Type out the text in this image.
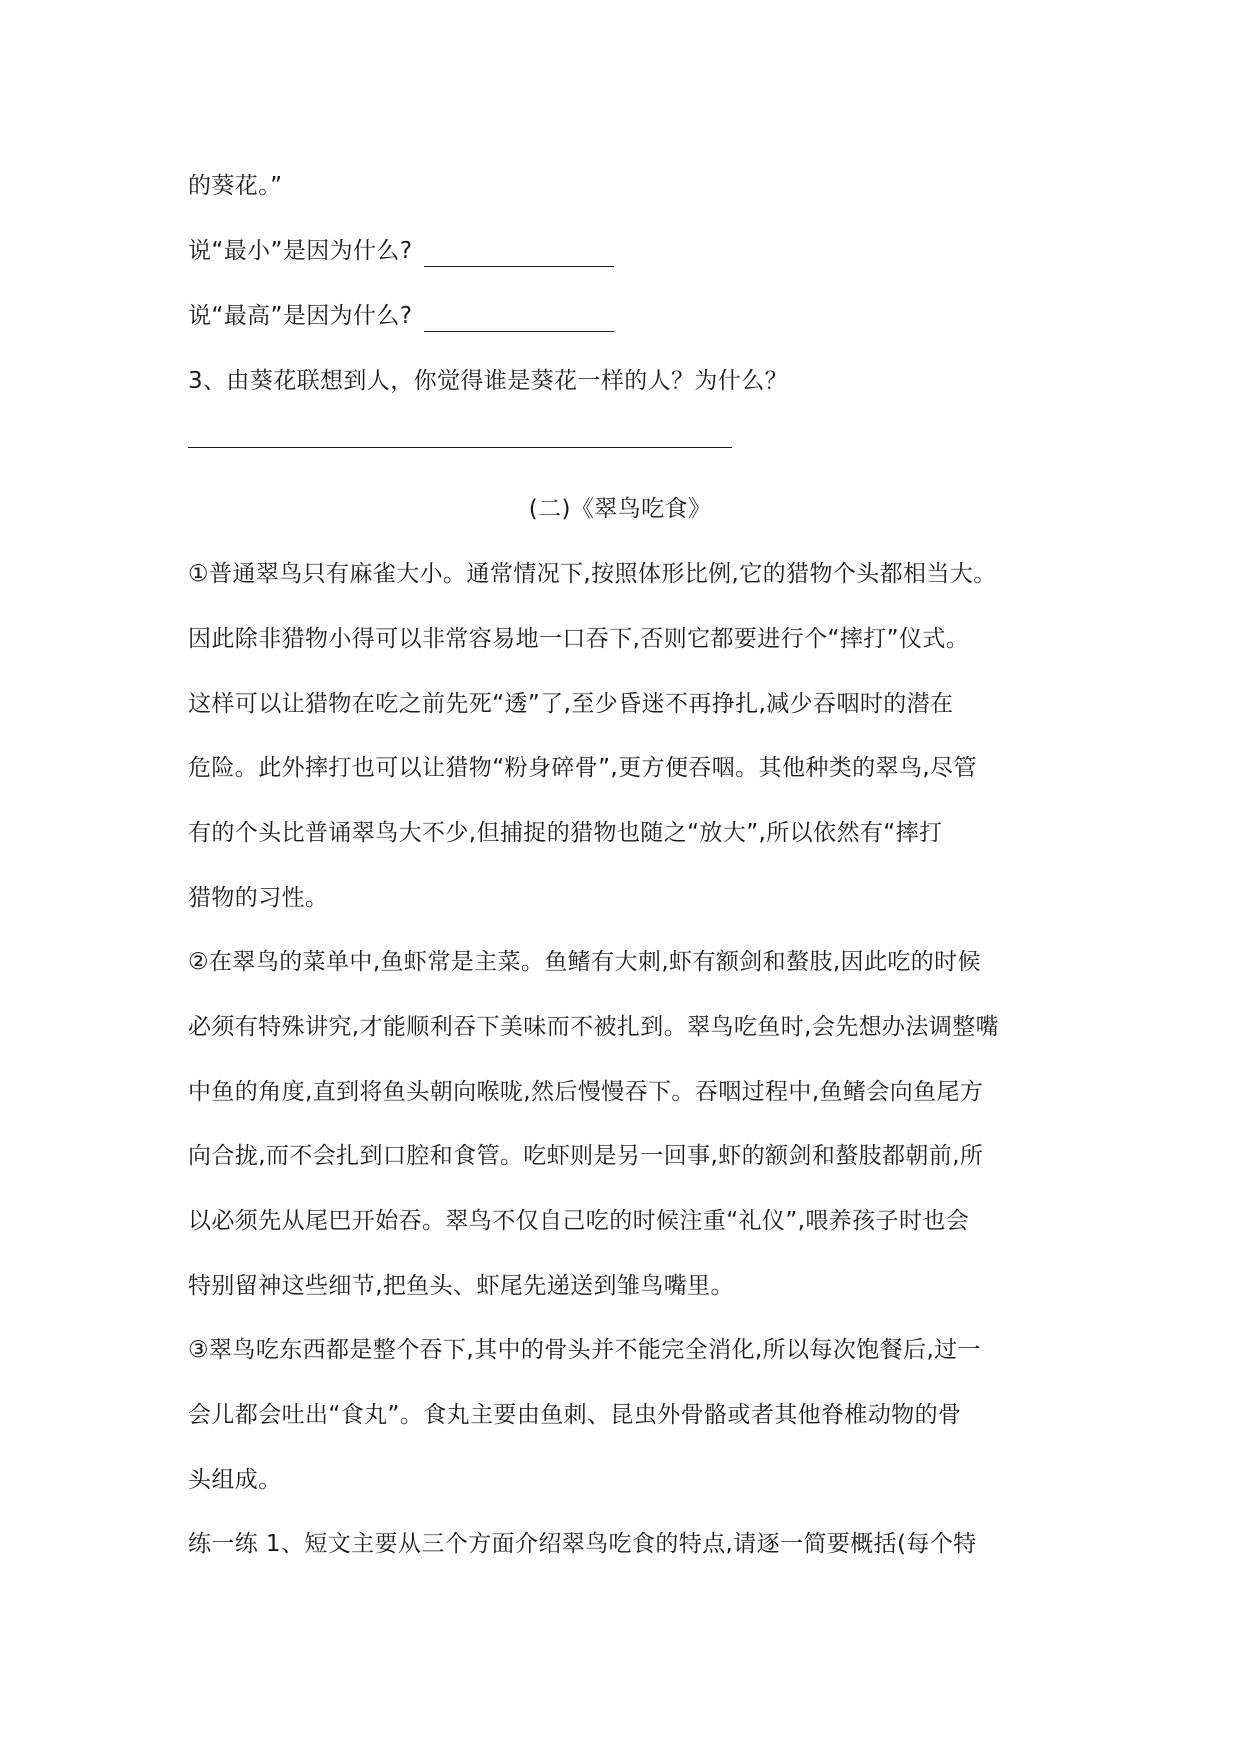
的葵花。”
说“最小”是因为什么?
说“最高”是因为什么?
3、由葵花联想到人，你觉得谁是葵花一样的人？为什么？
(二)《翠鸟吃食》
①普通翠鸟只有麻雀大小。通常情况下,按照体形比例,它的猎物个头都相当大。
因此除非猎物小得可以非常容易地一口吞下,否则它都要进行个“摔打”仪式。
这样可以让猎物在吃之前先死“透”了,至少昏迷不再挣扎,减少吞咽时的潜在
危险。此外摔打也可以让猎物“粉身碎骨”,更方便吞咽。其他种类的翠鸟,尽管
有的个头比普诵翠鸟大不少,但捕捉的猎物也随之“放大”,所以依然有“摔打
猎物的习性。
②在翠鸟的菜单中,鱼虾常是主菜。鱼鳍有大刺,虾有额剑和螯肢,因此吃的时候
必须有特殊讲究,才能顺利吞下美味而不被扎到。翠鸟吃鱼时,会先想办法调整嘴
中鱼的角度,直到将鱼头朝向喉咙,然后慢慢吞下。吞咽过程中,鱼鳍会向鱼尾方
向合拢,而不会扎到口腔和食管。吃虾则是另一回事,虾的额剑和螯肢都朝前,所
以必须先从尾巴开始吞。翠鸟不仅自己吃的时候注重“礼仪”,喂养孩子时也会
特别留神这些细节,把鱼头、虾尾先递送到雏鸟嘴里。
③翠鸟吃东西都是整个吞下,其中的骨头并不能完全消化,所以每次饱餐后,过一
会儿都会吐出“食丸”。食丸主要由鱼刺、昆虫外骨骼或者其他脊椎动物的骨
头组成。
练一练 1、短文主要从三个方面介绍翠鸟吃食的特点,请逐一简要概括(每个特
